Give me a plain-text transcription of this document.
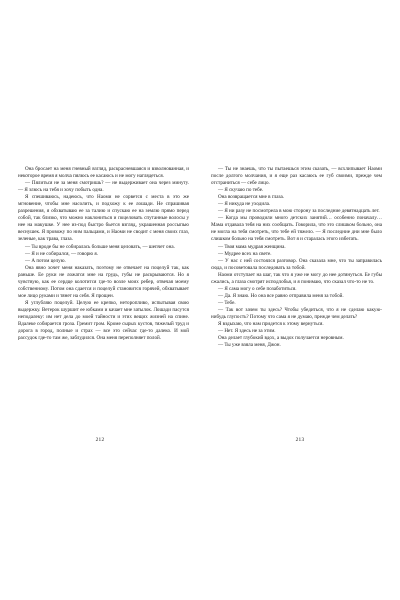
Она бросает на меня гневный взгляд, раскрасневшаяся и взволнованная, и некоторое время я молча пялюсь ее касаюсь и не могу наглядеться.

— Пялиться не за меня смотришь? — не выдерживает она через минуту. — Я злюсь на тебя и хочу побыть одна.

Я спешиваюсь, надеюсь, что Наоми не сорвется с места в это же мгновение, чтобы мне насолить, и подхожу к ее лошади. Не спрашивая разрешения, я обхватываю ее за талию и спускаю ее на землю прямо перед собой, так близко, что можно наклониться и поцеловать спутанные волосы у нее на макушке. У нее из-под быстро бьется взгляд, украшенная россыпью веснушек. Я провожу по ним пальцами, и Наоми не сводит с меня своих глаз, зеленые, как трава, глаза.

— Ты вроде бы не собиралась больше меня целовать, — шепчет она.

— Я и не собирался, — говорю я.

— А потом целую.

Она явно хочет меня наказать, поэтому не отвечает на поцелуй так, как раньше. Ее руки не ложатся мне на грудь, губы не раскрываются. Но я чувствую, как ее сердце колотится где-то возле моих ребер, отвечая моему собственному. Потом она сдается и поцелуй становится горячей, обхватывает мое лицо руками и тянет на себя. Я прощен.

Я углубляю поцелуй. Целую ее крепко, неторопливо, испытывая свою выдержку. Ветерок шуршит ее юбками и качает мне затылок. Лошади пасутся неподалеку: им нет дела до моей тайности и этих вещих жизней на спине. Вдалеке собирается гроза. Гремит гром. Кроме сырых кустов, тяжелый труд и дорога в город, полные и страх — все это сейчас где-то далеко. И мой рассудок где-то там же, заблудился. Она меня переполняет полой.

212

— Ты не знаешь, что ты пытаешься этим сказать, — всхлипывает Наоми после долгого молчания, и я еще раз касаюсь ее губ своими, прежде чем отстраниться — себе лицо.

— Я скучаю по тебе.

Она возвращается мне в глаза.

— Я никуда не уходила.

— Я ни разу не посмотрела в мою сторону за последние девятнадцать лет.

— Когда мы проводили много детских занятий… особенно поначалу… Мама отдавала тебя на них сообщать. Говорила, что это слишком больно, она не могла на тебя смотреть, что тебе ей тяжело. — Я последние дни мне было слишком больно на тебя смотреть. Вот я и старалась этого избегать.

— Твоя мама мудрая женщина.

— Мудрее всех на свете.

— У нас с ней состоялся разговор. Она сказала мне, что ты заправилась сюда, и посоветовала последовать за тобой.

Наоми отступает на шаг, так что я уже не могу до нее дотянуться. Ее губы сжались, а глаза смотрят исподлобья, и я понимаю, что сказал что-то не то.

— Я сама могу о себе позаботиться.

— Да. Я знаю. Но она все равно отправила меня за тобой.

— Тебе.

— Так вот зачем ты здесь? Чтобы убедиться, что я не сделаю какую-нибудь глупость? Потому что сама я не думаю, прежде чем делать?

Я вздыхаю, что нам придется к этому вернуться.

— Нет. Я здесь не за этим.

Она делает глубокий вдох, а выдох получается неровным.

— Ты уже взяла меня, Джон.

213
